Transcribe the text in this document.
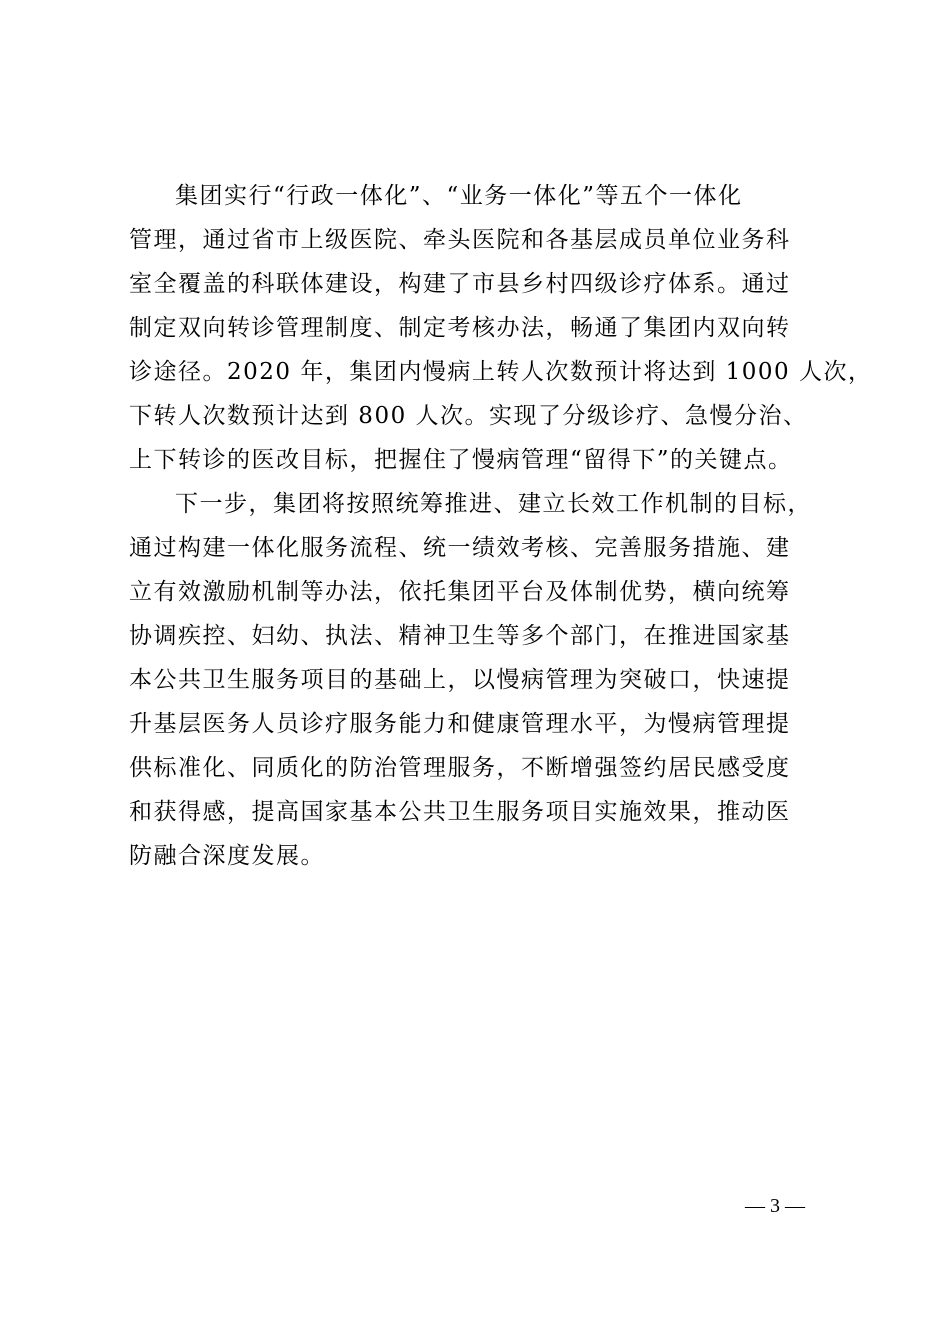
集团实行“行政一体化”、“业务一体化”等五个一体化
管理，通过省市上级医院、牵头医院和各基层成员单位业务科
室全覆盖的科联体建设，构建了市县乡村四级诊疗体系。通过
制定双向转诊管理制度、制定考核办法，畅通了集团内双向转
诊途径。2020 年，集团内慢病上转人次数预计将达到 1000 人次，
下转人次数预计达到 800 人次。实现了分级诊疗、急慢分治、
上下转诊的医改目标，把握住了慢病管理“留得下”的关键点。
下一步，集团将按照统筹推进、建立长效工作机制的目标，
通过构建一体化服务流程、统一绩效考核、完善服务措施、建
立有效激励机制等办法，依托集团平台及体制优势，横向统筹
协调疾控、妇幼、执法、精神卫生等多个部门，在推进国家基
本公共卫生服务项目的基础上，以慢病管理为突破口，快速提
升基层医务人员诊疗服务能力和健康管理水平，为慢病管理提
供标准化、同质化的防治管理服务，不断增强签约居民感受度
和获得感，提高国家基本公共卫生服务项目实施效果，推动医
防融合深度发展。
— 3 —
